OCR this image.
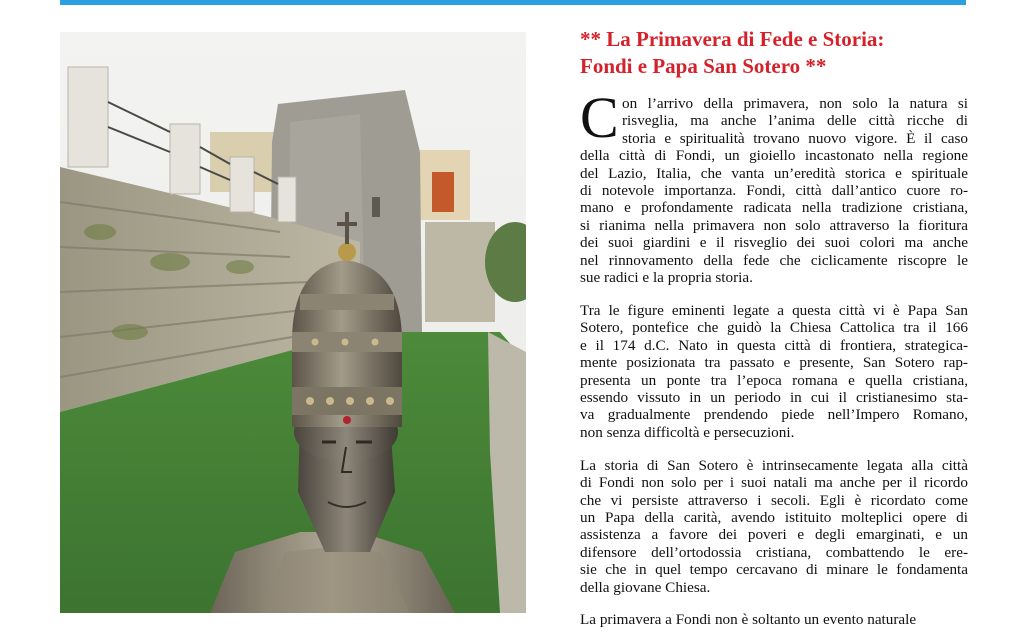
** La Primavera di Fede e Storia:
Fondi e Papa San Sotero **

C on l’arrivo della primavera, non solo la natura si
risveglia, ma anche l’anima delle città ricche di
storia e spiritualità trovano nuovo vigore. È il caso
della città di Fondi, un gioiello incastonato nella regione
del Lazio, Italia, che vanta un’eredità storica e spirituale
di notevole importanza. Fondi, città dall’antico cuore ro-
mano e profondamente radicata nella tradizione cristiana,
si rianima nella primavera non solo attraverso la fioritura
dei suoi giardini e il risveglio dei suoi colori ma anche
nel rinnovamento della fede che ciclicamente riscopre le
sue radici e la propria storia.

Tra le figure eminenti legate a questa città vi è Papa San
Sotero, pontefice che guidò la Chiesa Cattolica tra il 166
e il 174 d.C. Nato in questa città di frontiera, strategica-
mente posizionata tra passato e presente, San Sotero rap-
presenta un ponte tra l’epoca romana e quella cristiana,
essendo vissuto in un periodo in cui il cristianesimo sta-
va gradualmente prendendo piede nell’Impero Romano,
non senza difficoltà e persecuzioni.

La storia di San Sotero è intrinsecamente legata alla città
di Fondi non solo per i suoi natali ma anche per il ricordo
che vi persiste attraverso i secoli. Egli è ricordato come
un Papa della carità, avendo istituito molteplici opere di
assistenza a favore dei poveri e degli emarginati, e un
difensore dell’ortodossia cristiana, combattendo le ere-
sie che in quel tempo cercavano di minare le fondamenta
della giovane Chiesa.

La primavera a Fondi non è soltanto un evento naturale
